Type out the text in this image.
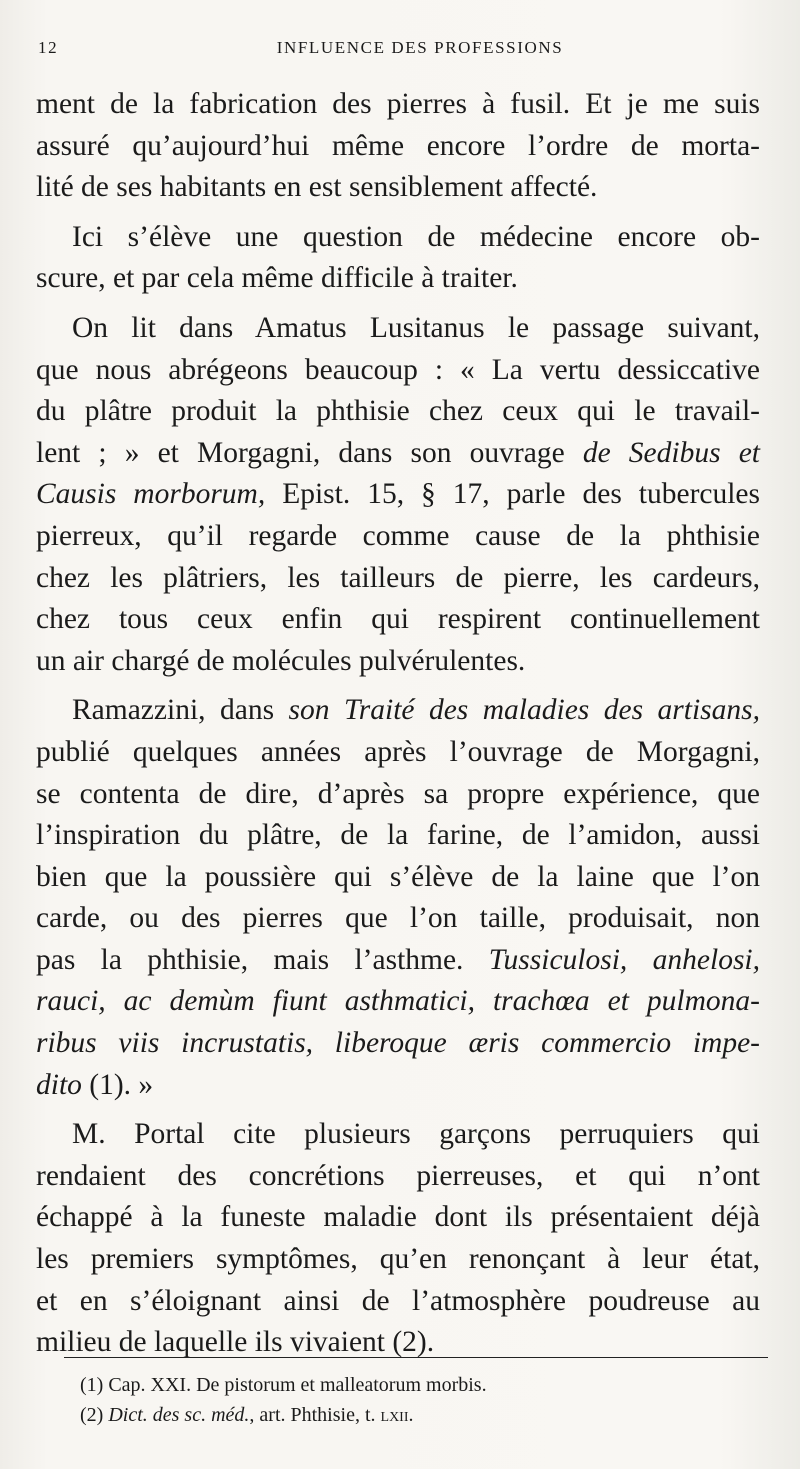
12	INFLUENCE DES PROFESSIONS
ment de la fabrication des pierres à fusil. Et je me suis
assuré qu’aujourd’hui même encore l’ordre de morta-
lité de ses habitants en est sensiblement affecté.
Ici s’élève une question de médecine encore ob-
scure, et par cela même difficile à traiter.
On lit dans Amatus Lusitanus le passage suivant,
que nous abrégeons beaucoup : « La vertu dessiccative
du plâtre produit la phthisie chez ceux qui le travail-
lent ; » et Morgagni, dans son ouvrage de Sedibus et
Causis morborum, Epist. 15, § 17, parle des tubercules
pierreux, qu’il regarde comme cause de la phthisie
chez les plâtriers, les tailleurs de pierre, les cardeurs,
chez tous ceux enfin qui respirent continuellement
un air chargé de molécules pulvérulentes.
Ramazzini, dans son Traité des maladies des artisans,
publié quelques années après l’ouvrage de Morgagni,
se contenta de dire, d’après sa propre expérience, que
l’inspiration du plâtre, de la farine, de l’amidon, aussi
bien que la poussière qui s’élève de la laine que l’on
carde, ou des pierres que l’on taille, produisait, non
pas la phthisie, mais l’asthme. Tussiculosi, anhelosi,
rauci, ac demùm fiunt asthmatici, trachœa et pulmona-
ribus viis incrustatis, liberoque æris commercio impe-
dito (1). »
M. Portal cite plusieurs garçons perruquiers qui
rendaient des concrétions pierreuses, et qui n’ont
échappé à la funeste maladie dont ils présentaient déjà
les premiers symptômes, qu’en renonçant à leur état,
et en s’éloignant ainsi de l’atmosphère poudreuse au
milieu de laquelle ils vivaient (2).
(1) Cap. XXI. De pistorum et malleatorum morbis.
(2) Dict. des sc. méd., art. Phthisie, t. lxii.
